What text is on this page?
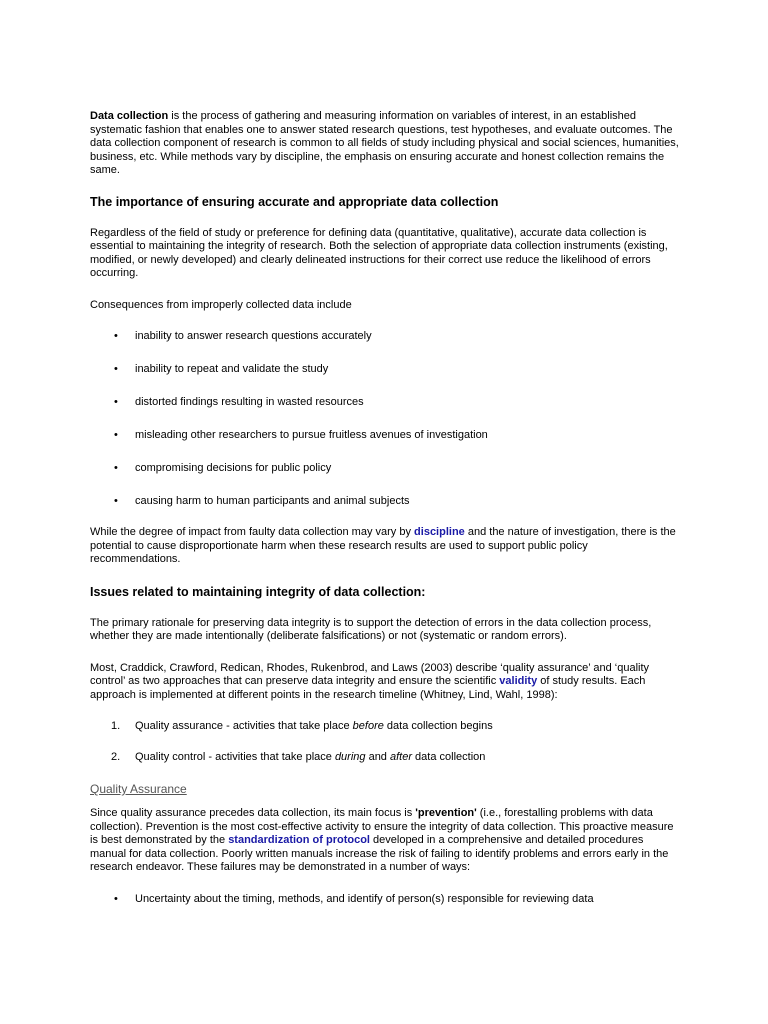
Data collection is the process of gathering and measuring information on variables of interest, in an established systematic fashion that enables one to answer stated research questions, test hypotheses, and evaluate outcomes. The data collection component of research is common to all fields of study including physical and social sciences, humanities, business, etc. While methods vary by discipline, the emphasis on ensuring accurate and honest collection remains the same.

The importance of ensuring accurate and appropriate data collection

Regardless of the field of study or preference for defining data (quantitative, qualitative), accurate data collection is essential to maintaining the integrity of research. Both the selection of appropriate data collection instruments (existing, modified, or newly developed) and clearly delineated instructions for their correct use reduce the likelihood of errors occurring.

Consequences from improperly collected data include

• inability to answer research questions accurately
• inability to repeat and validate the study
• distorted findings resulting in wasted resources
• misleading other researchers to pursue fruitless avenues of investigation
• compromising decisions for public policy
• causing harm to human participants and animal subjects

While the degree of impact from faulty data collection may vary by discipline and the nature of investigation, there is the potential to cause disproportionate harm when these research results are used to support public policy recommendations.

Issues related to maintaining integrity of data collection:

The primary rationale for preserving data integrity is to support the detection of errors in the data collection process, whether they are made intentionally (deliberate falsifications) or not (systematic or random errors).

Most, Craddick, Crawford, Redican, Rhodes, Rukenbrod, and Laws (2003) describe ‘quality assurance’ and ‘quality control’ as two approaches that can preserve data integrity and ensure the scientific validity of study results. Each approach is implemented at different points in the research timeline (Whitney, Lind, Wahl, 1998):

1. Quality assurance - activities that take place before data collection begins
2. Quality control - activities that take place during and after data collection

Quality Assurance

Since quality assurance precedes data collection, its main focus is 'prevention' (i.e., forestalling problems with data collection). Prevention is the most cost-effective activity to ensure the integrity of data collection. This proactive measure is best demonstrated by the standardization of protocol developed in a comprehensive and detailed procedures manual for data collection. Poorly written manuals increase the risk of failing to identify problems and errors early in the research endeavor. These failures may be demonstrated in a number of ways:

• Uncertainty about the timing, methods, and identify of person(s) responsible for reviewing data
